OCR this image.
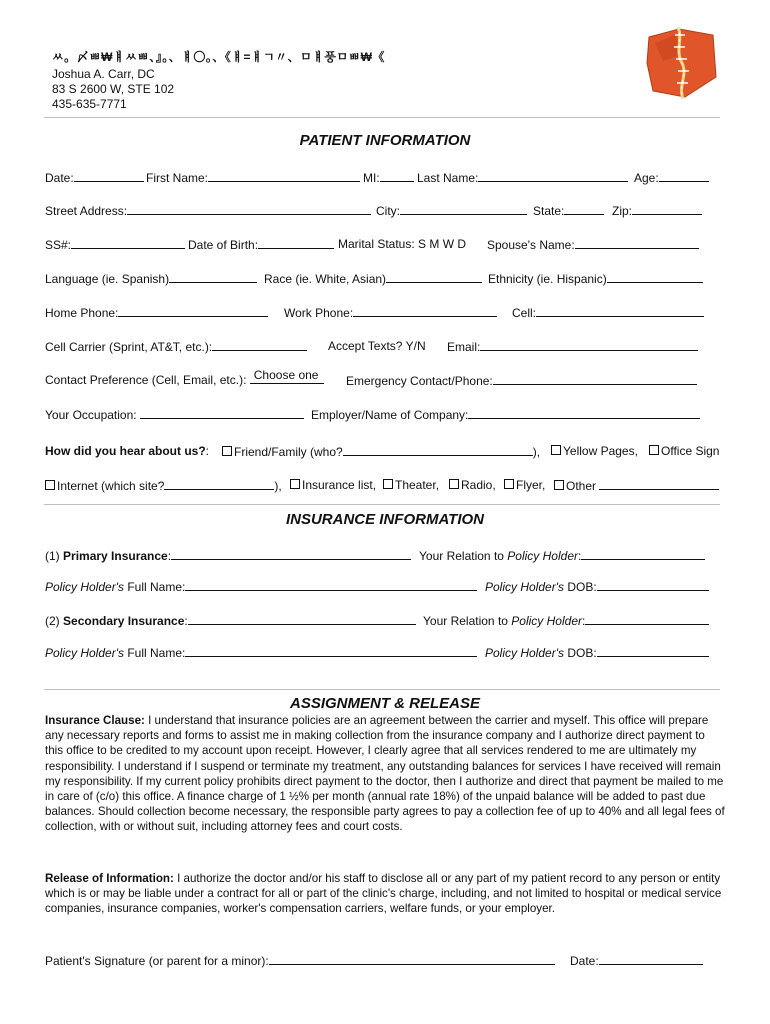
ㅆ。〆ㅃ₩ㅒㅆㅃ、』。、ㅒ〇。、《ㅒ=ㅒㄱ〃、ㅁㅒ풍ㅁㅃ₩《
Joshua A. Carr, DC
83 S 2600 W, STE 102
435-635-7771
PATIENT INFORMATION
Date:	First Name:	MI:	Last Name:	Age:
Street Address:	City:	State:	Zip:
SS#:	Date of Birth:	Marital Status: S M W D Spouse's Name:
Language (ie. Spanish)	Race (ie. White, Asian)	Ethnicity (ie. Hispanic)
Home Phone:	Work Phone:	Cell:
Cell Carrier (Sprint, AT&T, etc.):	Accept Texts? Y/N Email:
Contact Preference (Cell, Email, etc.): Choose one	Emergency Contact/Phone:
Your Occupation:	Employer/Name of Company:
How did you hear about us?:	Friend/Family (who?	),	Yellow Pages,	Office Sign
Internet (which site?	),	Insurance list,	Theater,	Radio,	Flyer,	Other
INSURANCE INFORMATION
(1) Primary Insurance:	Your Relation to Policy Holder:
Policy Holder's Full Name:	Policy Holder's DOB:
(2) Secondary Insurance:	Your Relation to Policy Holder:
Policy Holder's Full Name:	Policy Holder's DOB:
ASSIGNMENT & RELEASE

Insurance Clause: I understand that insurance policies are an agreement between the carrier and myself. This office will prepare any necessary reports and forms to assist me in making collection from the insurance company and I authorize direct payment to this office to be credited to my account upon receipt. However, I clearly agree that all services rendered to me are ultimately my responsibility. I understand if I suspend or terminate my treatment, any outstanding balances for services I have received will remain my responsibility. If my current policy prohibits direct payment to the doctor, then I authorize and direct that payment be mailed to me in care of (c/o) this office. A finance charge of 1 ½% per month (annual rate 18%) of the unpaid balance will be added to past due balances. Should collection become necessary, the responsible party agrees to pay a collection fee of up to 40% and all legal fees of collection, with or without suit, including attorney fees and court costs.

Release of Information: I authorize the doctor and/or his staff to disclose all or any part of my patient record to any person or entity which is or may be liable under a contract for all or part of the clinic's charge, including, and not limited to hospital or medical service companies, insurance companies, worker's compensation carriers, welfare funds, or your employer.

Patient's Signature (or parent for a minor):	Date:
